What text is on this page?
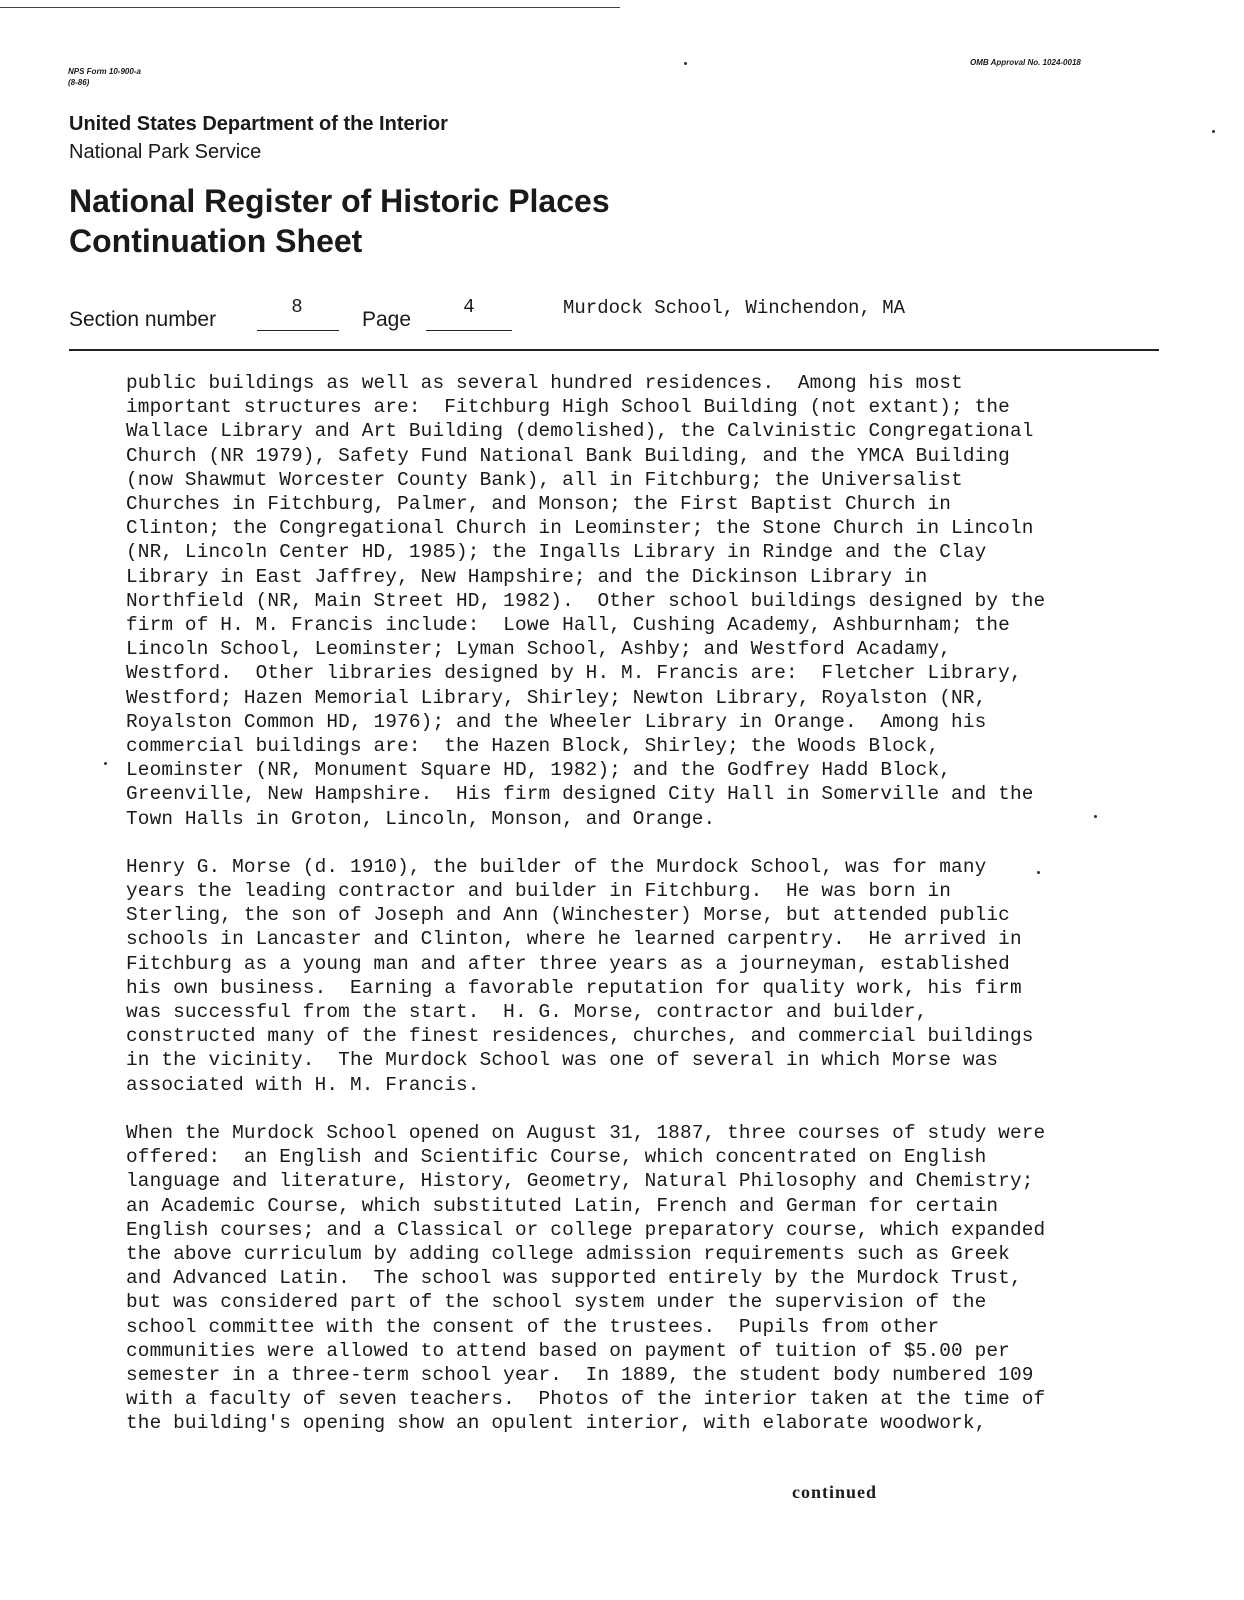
NPS Form 10-900-a
(8-86)
OMB Approval No. 1024-0018
United States Department of the Interior
National Park Service
National Register of Historic Places
Continuation Sheet
Section number
8
Page
4	Murdock School, Winchendon, MA

public buildings as well as several hundred residences.  Among his most
important structures are:  Fitchburg High School Building (not extant); the
Wallace Library and Art Building (demolished), the Calvinistic Congregational
Church (NR 1979), Safety Fund National Bank Building, and the YMCA Building
(now Shawmut Worcester County Bank), all in Fitchburg; the Universalist
Churches in Fitchburg, Palmer, and Monson; the First Baptist Church in
Clinton; the Congregational Church in Leominster; the Stone Church in Lincoln
(NR, Lincoln Center HD, 1985); the Ingalls Library in Rindge and the Clay
Library in East Jaffrey, New Hampshire; and the Dickinson Library in
Northfield (NR, Main Street HD, 1982).  Other school buildings designed by the
firm of H. M. Francis include:  Lowe Hall, Cushing Academy, Ashburnham; the
Lincoln School, Leominster; Lyman School, Ashby; and Westford Acadamy,
Westford.  Other libraries designed by H. M. Francis are:  Fletcher Library,
Westford; Hazen Memorial Library, Shirley; Newton Library, Royalston (NR,
Royalston Common HD, 1976); and the Wheeler Library in Orange.  Among his
commercial buildings are:  the Hazen Block, Shirley; the Woods Block,
Leominster (NR, Monument Square HD, 1982); and the Godfrey Hadd Block,
Greenville, New Hampshire.  His firm designed City Hall in Somerville and the
Town Halls in Groton, Lincoln, Monson, and Orange.

Henry G. Morse (d. 1910), the builder of the Murdock School, was for many
years the leading contractor and builder in Fitchburg.  He was born in
Sterling, the son of Joseph and Ann (Winchester) Morse, but attended public
schools in Lancaster and Clinton, where he learned carpentry.  He arrived in
Fitchburg as a young man and after three years as a journeyman, established
his own business.  Earning a favorable reputation for quality work, his firm
was successful from the start.  H. G. Morse, contractor and builder,
constructed many of the finest residences, churches, and commercial buildings
in the vicinity.  The Murdock School was one of several in which Morse was
associated with H. M. Francis.

When the Murdock School opened on August 31, 1887, three courses of study were
offered:  an English and Scientific Course, which concentrated on English
language and literature, History, Geometry, Natural Philosophy and Chemistry;
an Academic Course, which substituted Latin, French and German for certain
English courses; and a Classical or college preparatory course, which expanded
the above curriculum by adding college admission requirements such as Greek
and Advanced Latin.  The school was supported entirely by the Murdock Trust,
but was considered part of the school system under the supervision of the
school committee with the consent of the trustees.  Pupils from other
communities were allowed to attend based on payment of tuition of $5.00 per
semester in a three-term school year.  In 1889, the student body numbered 109
with a faculty of seven teachers.  Photos of the interior taken at the time of
the building's opening show an opulent interior, with elaborate woodwork,

continued
